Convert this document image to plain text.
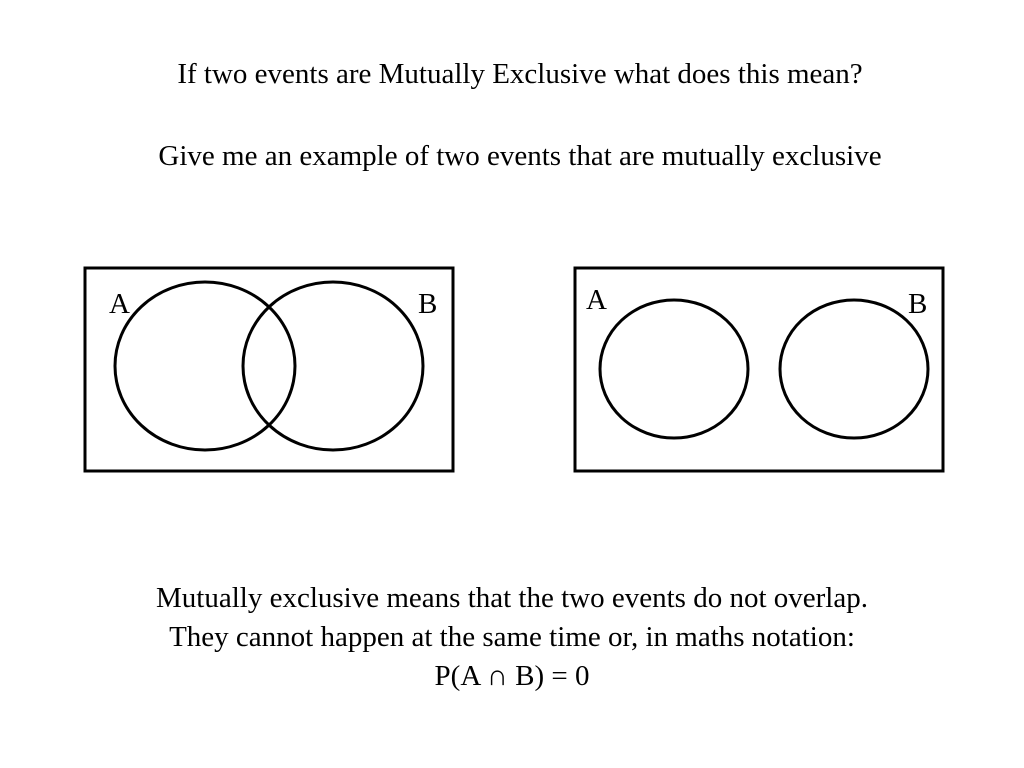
If two events are Mutually Exclusive what does this mean?
Give me an example of two events that are mutually exclusive
A	B	A	B
Mutually exclusive means that the two events do not overlap.
They cannot happen at the same time or, in maths notation:
P(A ∩ B) = 0
